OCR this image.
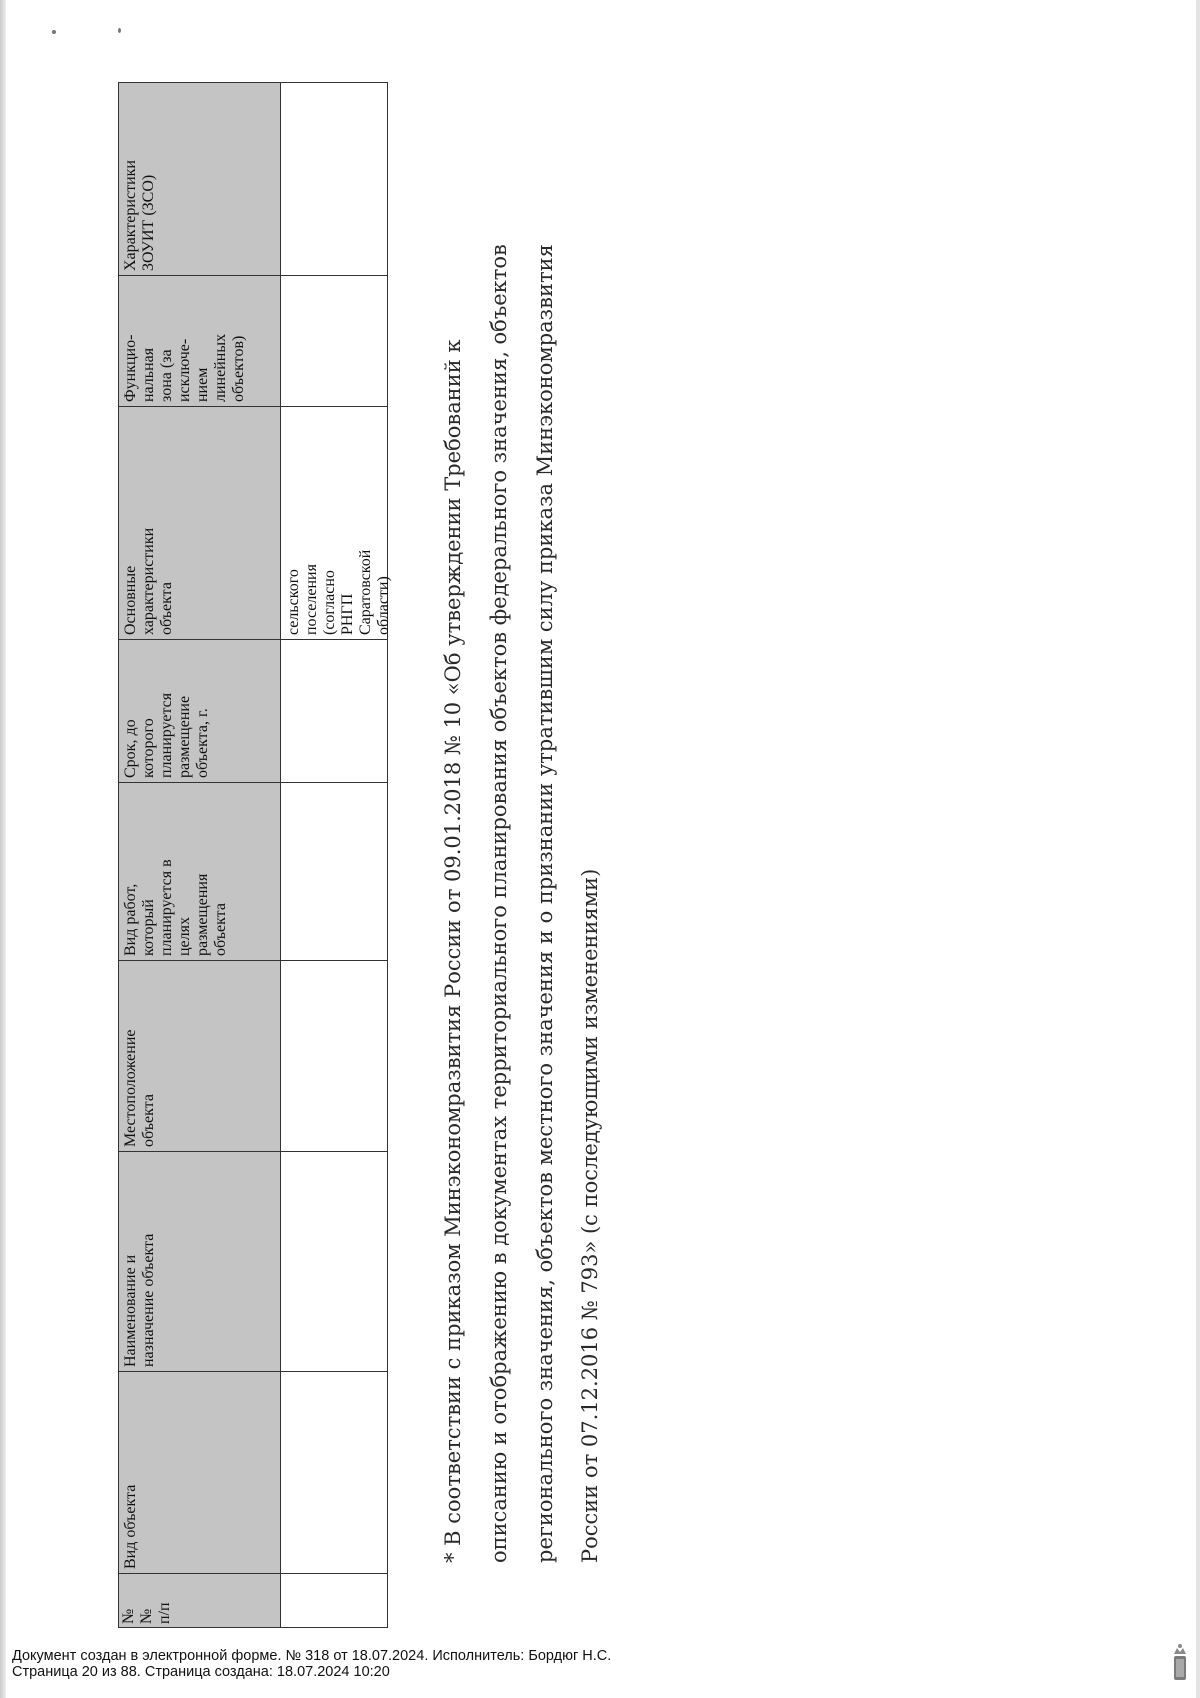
№
№
п/п
Вид объекта
Наименование и
назначение объекта
Местоположение
объекта
Вид работ,
который
планируется в
целях
размещения
объекта
Срок, до
которого
планируется
размещение
объекта, г.
Основные
характеристики
объекта
Функцио-
нальная
зона (за
исключе-
нием
линейных
объектов)
Характеристики
ЗОУИТ (ЗСО)
сельского поселения
(согласно РНГП
Саратовской области) * В соответствии с приказом Минэкономразвития России от 09.01.2018 № 10 «Об утверждении Требований к описанию и отображению в документах территориального планирования объектов федерального значения, объектов регионального значения, объектов местного значения и о признании утратившим силу приказа Минэкономразвития России от 07.12.2016 № 793» (с последующими изменениями)
Документ создан в электронной форме. № 318 от 18.07.2024. Исполнитель: Бордюг Н.С.
Страница 20 из 88. Страница создана: 18.07.2024 10:20
